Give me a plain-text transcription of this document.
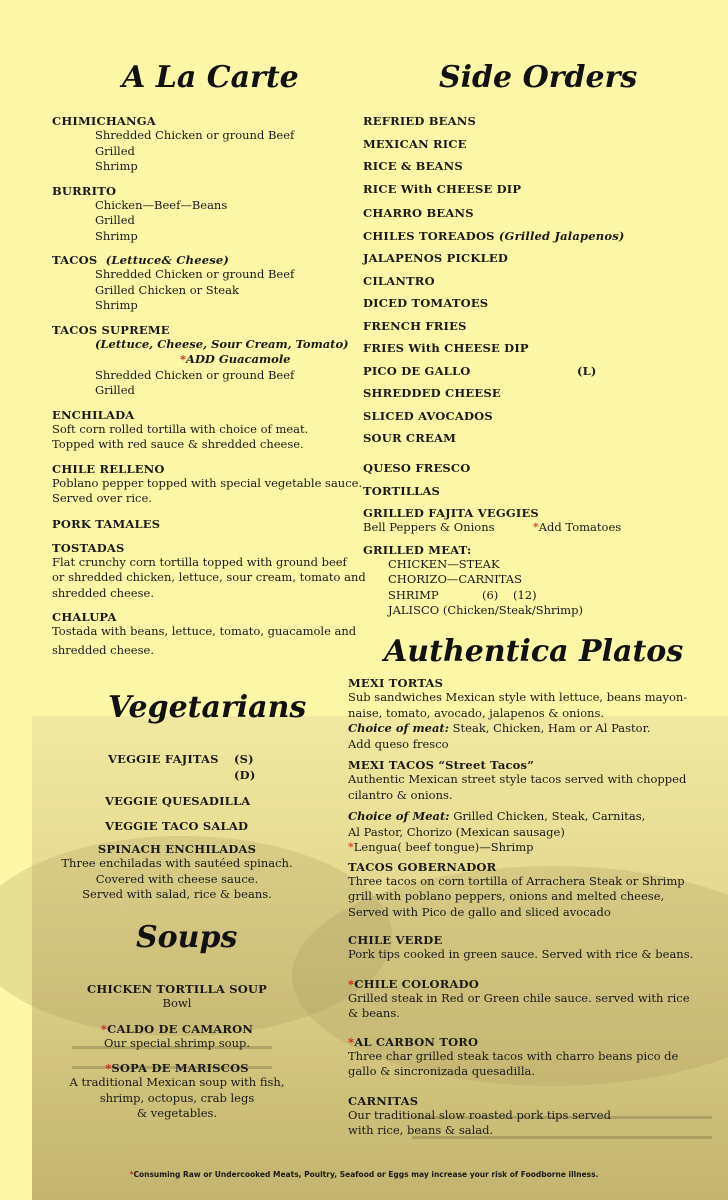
A La Carte
CHIMICHANGA
Shredded Chicken or ground Beef
Grilled
Shrimp
BURRITO
Chicken—Beef—Beans
Grilled
Shrimp
TACOS (Lettuce& Cheese)
Shredded Chicken or ground Beef
Grilled Chicken or Steak
Shrimp
TACOS SUPREME
(Lettuce, Cheese, Sour Cream, Tomato)
*ADD Guacamole
Shredded Chicken or ground Beef
Grilled
ENCHILADA
Soft corn rolled tortilla with choice of meat.
Topped with red sauce & shredded cheese.
CHILE RELLENO
Poblano pepper topped with special vegetable sauce.
Served over rice.
PORK TAMALES
TOSTADAS
Flat crunchy corn tortilla topped with ground beef
or shredded chicken, lettuce, sour cream, tomato and
shredded cheese.
CHALUPA
Tostada with beans, lettuce, tomato, guacamole and
shredded cheese.
Side Orders
REFRIED BEANS
MEXICAN RICE
RICE & BEANS
RICE With CHEESE DIP
CHARRO BEANS
CHILES TOREADOS (Grilled Jalapenos)
JALAPENOS PICKLED
CILANTRO
DICED TOMATOES
FRENCH FRIES
FRIES With CHEESE DIP
PICO DE GALLO	(L)
SHREDDED CHEESE
SLICED AVOCADOS
SOUR CREAM
QUESO FRESCO
TORTILLAS
GRILLED FAJITA VEGGIES
Bell Peppers & Onions	*Add Tomatoes
GRILLED MEAT:
CHICKEN—STEAK
CHORIZO—CARNITAS
SHRIMP	(6) (12)
JALISCO (Chicken/Steak/Shrimp)
Authentica Platos
MEXI TORTAS
Sub sandwiches Mexican style with lettuce, beans mayon-
naise, tomato, avocado, jalapenos & onions.
Choice of meat: Steak, Chicken, Ham or Al Pastor.
Add queso fresco
MEXI TACOS “Street Tacos”
Authentic Mexican street style tacos served with chopped
cilantro & onions.
Choice of Meat: Grilled Chicken, Steak, Carnitas,
Al Pastor, Chorizo (Mexican sausage)
*Lengua( beef tongue)—Shrimp
TACOS GOBERNADOR
Three tacos on corn tortilla of Arrachera Steak or Shrimp
grill with poblano peppers, onions and melted cheese,
Served with Pico de gallo and sliced avocado
CHILE VERDE
Pork tips cooked in green sauce. Served with rice & beans.
*CHILE COLORADO
Grilled steak in Red or Green chile sauce. served with rice
& beans.
*AL CARBON TORO
Three char grilled steak tacos with charro beans pico de
gallo & sincronizada quesadilla.
CARNITAS
Our traditional slow roasted pork tips served
with rice, beans & salad.
Vegetarians
VEGGIE FAJITAS (S)
(D)
VEGGIE QUESADILLA
VEGGIE TACO SALAD
SPINACH ENCHILADAS
Three enchiladas with sautéed spinach.
Covered with cheese sauce.
Served with salad, rice & beans.
Soups
CHICKEN TORTILLA SOUP
Bowl
*CALDO DE CAMARON
Our special shrimp soup.
*SOPA DE MARISCOS
A traditional Mexican soup with fish,
shrimp, octopus, crab legs
& vegetables.
*Consuming Raw or Undercooked Meats, Poultry, Seafood or Eggs may increase your risk of Foodborne illness.
